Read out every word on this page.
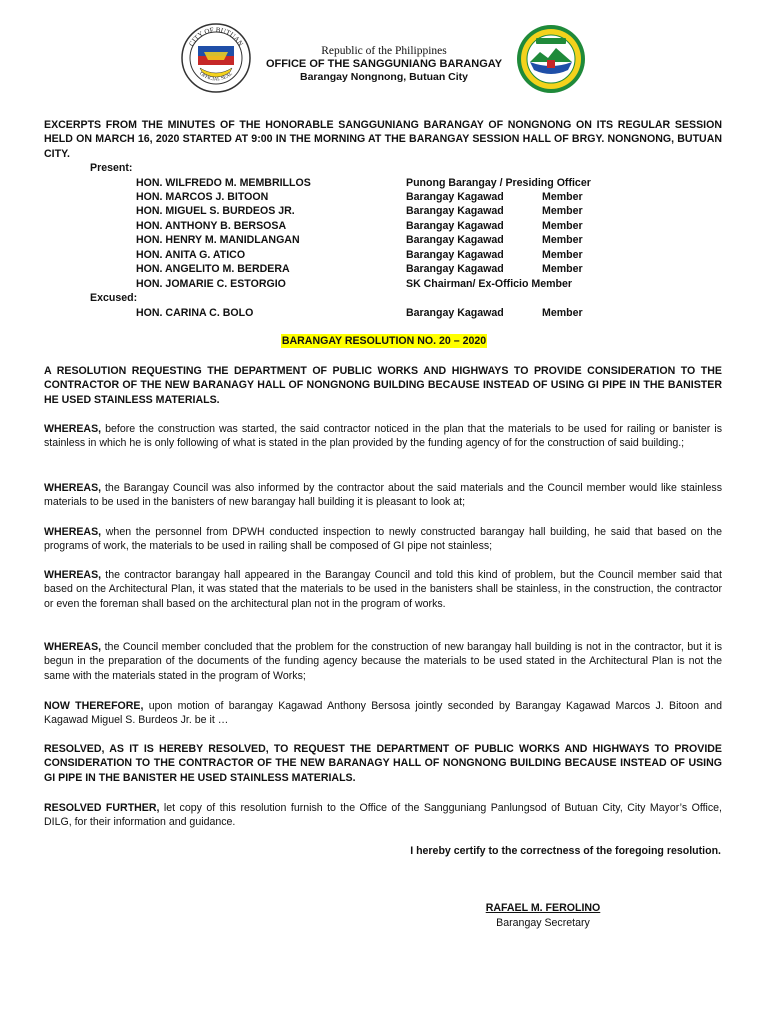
CITY OF BUTUAN
OFFICIAL SEAL
Republic of the Philippines
OFFICE OF THE SANGGUNIANG BARANGAY
Barangay Nongnong, Butuan City
EXCERPTS FROM THE MINUTES OF THE HONORABLE SANGGUNIANG BARANGAY OF NONGNONG ON ITS REGULAR SESSION HELD ON MARCH 16, 2020 STARTED AT 9:00 IN THE MORNING AT THE BARANGAY SESSION HALL OF BRGY. NONGNONG, BUTUAN CITY.
Present:
HON. WILFREDO M. MEMBRILLOS	Punong Barangay / Presiding Officer
HON. MARCOS J. BITOON	Barangay Kagawad	Member
HON. MIGUEL S. BURDEOS JR.	Barangay Kagawad	Member
HON. ANTHONY B. BERSOSA	Barangay Kagawad	Member
HON. HENRY M. MANIDLANGAN	Barangay Kagawad	Member
HON. ANITA G. ATICO	Barangay Kagawad	Member
HON. ANGELITO M. BERDERA	Barangay Kagawad	Member
HON. JOMARIE C. ESTORGIO	SK Chairman/ Ex-Officio Member
Excused:
HON. CARINA C. BOLO	Barangay Kagawad	Member
BARANGAY RESOLUTION NO. 20 – 2020
A RESOLUTION REQUESTING THE DEPARTMENT OF PUBLIC WORKS AND HIGHWAYS TO PROVIDE CONSIDERATION TO THE CONTRACTOR OF THE NEW BARANAGY HALL OF NONGNONG BUILDING BECAUSE INSTEAD OF USING GI PIPE IN THE BANISTER HE USED STAINLESS MATERIALS.
WHEREAS, before the construction was started, the said contractor noticed in the plan that the materials to be used for railing or banister is stainless in which he is only following of what is stated in the plan provided by the funding agency of for the construction of said building.;
WHEREAS, the Barangay Council was also informed by the contractor about the said materials and the Council member would like stainless materials to be used in the banisters of new barangay hall building it is pleasant to look at;
WHEREAS, when the personnel from DPWH conducted inspection to newly constructed barangay hall building, he said that based on the programs of work, the materials to be used in railing shall be composed of GI pipe not stainless;
WHEREAS, the contractor barangay hall appeared in the Barangay Council and told this kind of problem, but the Council member said that based on the Architectural Plan, it was stated that the materials to be used in the banisters shall be stainless, in the construction, the contractor or even the foreman shall based on the architectural plan not in the program of works.
WHEREAS, the Council member concluded that the problem for the construction of new barangay hall building is not in the contractor, but it is begun in the preparation of the documents of the funding agency because the materials to be used stated in the Architectural Plan is not the same with the materials stated in the program of Works;
NOW THEREFORE, upon motion of barangay Kagawad Anthony Bersosa jointly seconded by Barangay Kagawad Marcos J. Bitoon and Kagawad Miguel S. Burdeos Jr. be it …
RESOLVED, AS IT IS HEREBY RESOLVED, TO REQUEST THE DEPARTMENT OF PUBLIC WORKS AND HIGHWAYS TO PROVIDE CONSIDERATION TO THE CONTRACTOR OF THE NEW BARANAGY HALL OF NONGNONG BUILDING BECAUSE INSTEAD OF USING GI PIPE IN THE BANISTER HE USED STAINLESS MATERIALS.
RESOLVED FURTHER, let copy of this resolution furnish to the Office of the Sangguniang Panlungsod of Butuan City, City Mayor’s Office, DILG, for their information and guidance.
I hereby certify to the correctness of the foregoing resolution.
RAFAEL M. FEROLINO
Barangay Secretary
